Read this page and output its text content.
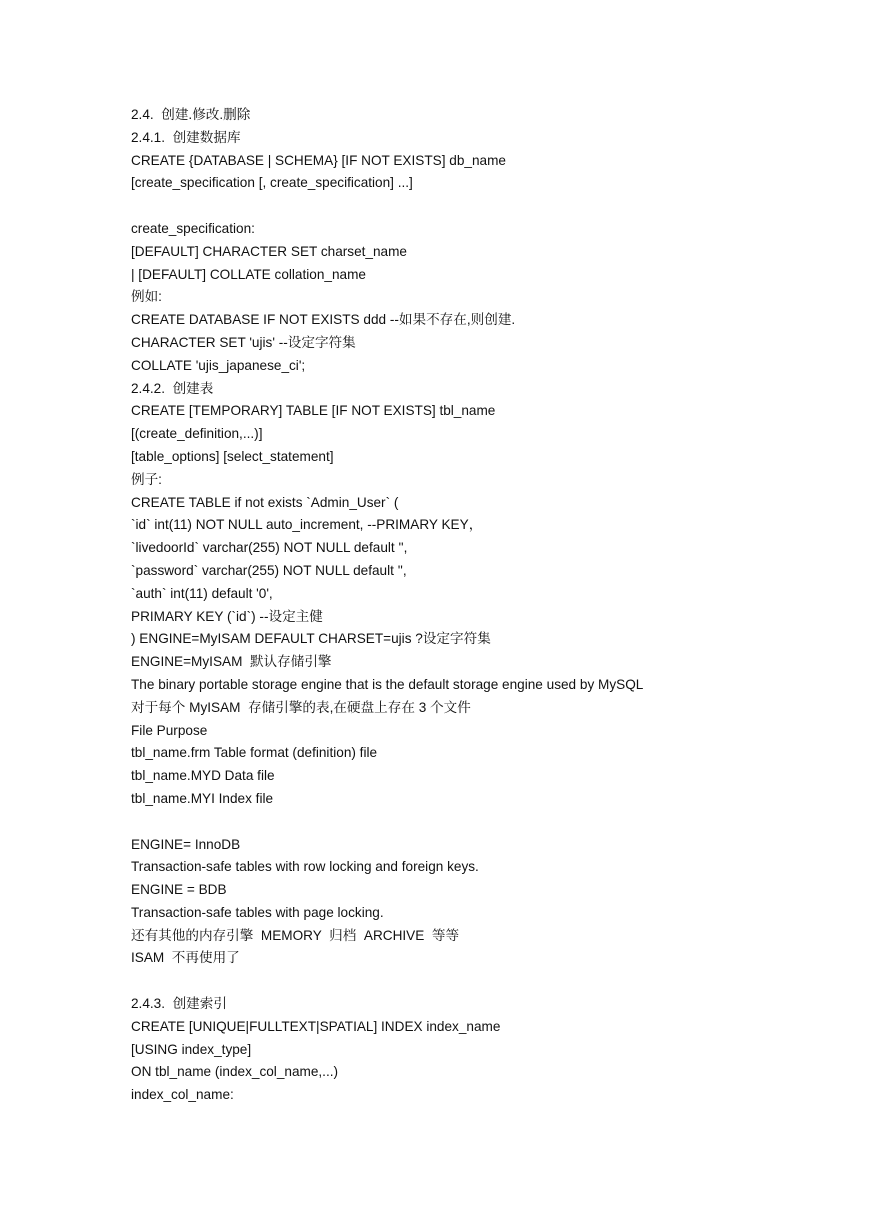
2.4.  创建.修改.删除
2.4.1.  创建数据库
CREATE {DATABASE | SCHEMA} [IF NOT EXISTS] db_name
[create_specification [, create_specification] ...]
create_specification:
[DEFAULT] CHARACTER SET charset_name
| [DEFAULT] COLLATE collation_name
例如:
CREATE DATABASE IF NOT EXISTS ddd --如果不存在,则创建.
CHARACTER SET 'ujis' --设定字符集
COLLATE 'ujis_japanese_ci';
2.4.2.  创建表
CREATE [TEMPORARY] TABLE [IF NOT EXISTS] tbl_name
[(create_definition,...)]
[table_options] [select_statement]
例子:
CREATE TABLE if not exists `Admin_User` (
`id` int(11) NOT NULL auto_increment, --PRIMARY KEY，
`livedoorId` varchar(255) NOT NULL default '',
`password` varchar(255) NOT NULL default '',
`auth` int(11) default '0',
PRIMARY KEY (`id`) --设定主健
) ENGINE=MyISAM DEFAULT CHARSET=ujis ?设定字符集
ENGINE=MyISAM  默认存储引擎
The binary portable storage engine that is the default storage engine used by MySQL
对于每个 MyISAM  存储引擎的表,在硬盘上存在 3 个文件
File Purpose
tbl_name.frm Table format (definition) file
tbl_name.MYD Data file
tbl_name.MYI Index file
ENGINE= InnoDB
Transaction-safe tables with row locking and foreign keys.
ENGINE = BDB
Transaction-safe tables with page locking.
还有其他的内存引擎  MEMORY  归档  ARCHIVE  等等
ISAM  不再使用了
2.4.3.  创建索引
CREATE [UNIQUE|FULLTEXT|SPATIAL] INDEX index_name
[USING index_type]
ON tbl_name (index_col_name,...)
index_col_name:
